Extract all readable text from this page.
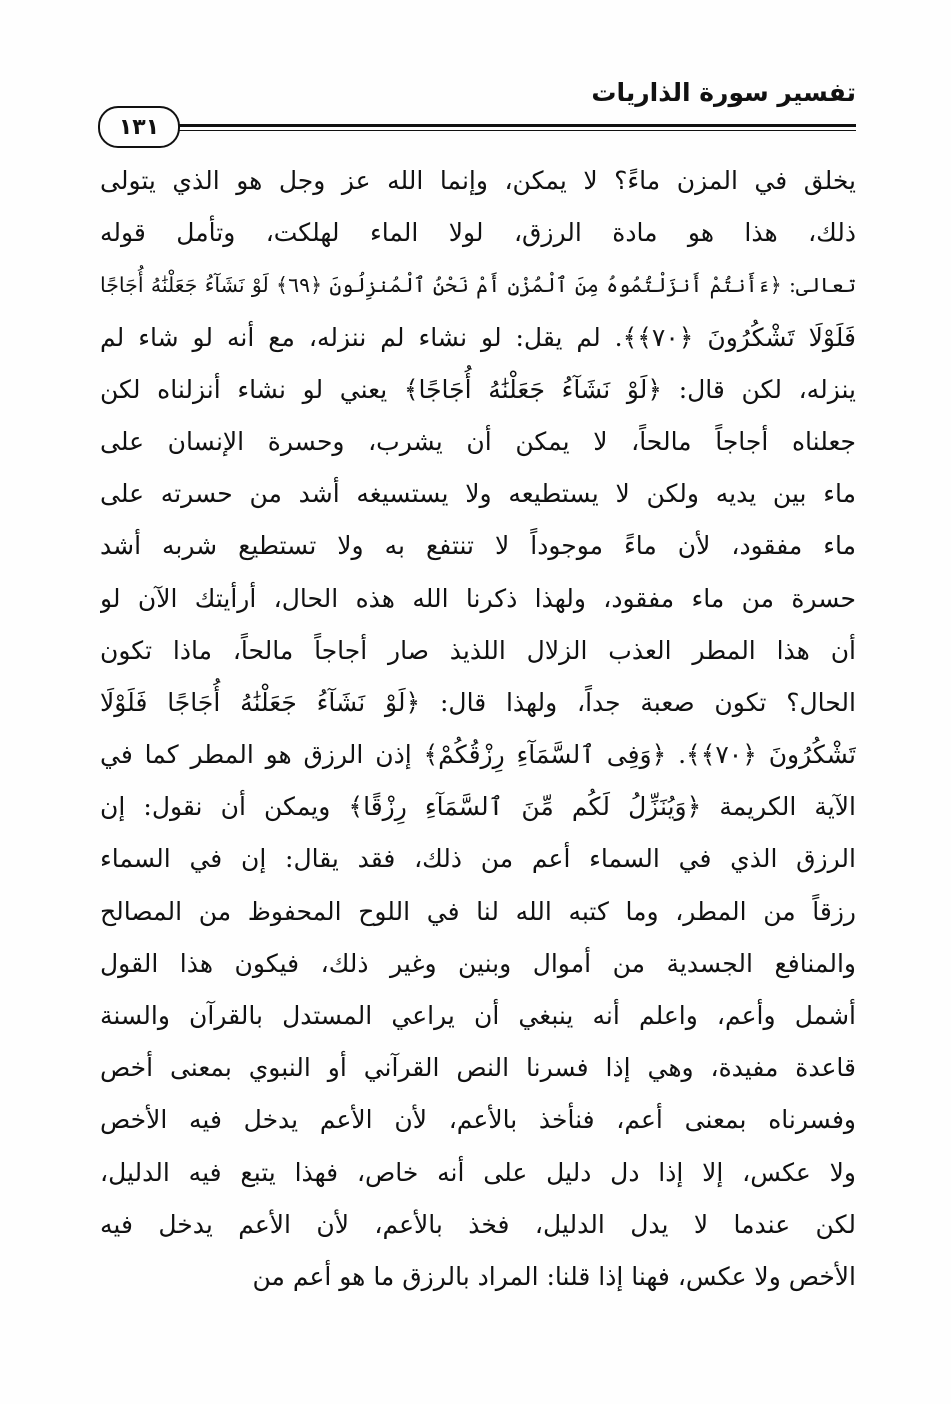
تفسير سورة الذاريات
١٣١
يخلق في المزن ماءً؟ لا يمكن، وإنما الله عز وجل هو الذي يتولى
ذلك، هذا هو مادة الرزق، لولا الماء لهلكت، وتأمل قوله
تعالى: ﴿ءَأَنتُمْ أَنزَلْتُمُوهُ مِنَ ٱلْمُزْنِ أَمْ نَحْنُ ٱلْمُنزِلُونَ ﴿٦٩﴾ لَوْ نَشَآءُ جَعَلْنَٰهُ أُجَاجًا
فَلَوْلَا تَشْكُرُونَ ﴿٧٠﴾﴾. لم يقل: لو نشاء لم ننزله، مع أنه لو شاء لم
ينزله، لكن قال: ﴿لَوْ نَشَآءُ جَعَلْنَٰهُ أُجَاجًا﴾ يعني لو نشاء أنزلناه لكن
جعلناه أجاجاً مالحاً، لا يمكن أن يشرب، وحسرة الإنسان على
ماء بين يديه ولكن لا يستطيعه ولا يستسيغه أشد من حسرته على
ماء مفقود، لأن ماءً موجوداً لا تنتفع به ولا تستطيع شربه أشد
حسرة من ماء مفقود، ولهذا ذكرنا الله هذه الحال، أرأيتك الآن لو
أن هذا المطر العذب الزلال اللذيذ صار أجاجاً مالحاً، ماذا تكون
الحال؟ تكون صعبة جداً، ولهذا قال: ﴿لَوْ نَشَآءُ جَعَلْنَٰهُ أُجَاجًا فَلَوْلَا
تَشْكُرُونَ ﴿٧٠﴾﴾. ﴿وَفِى ٱلسَّمَآءِ رِزْقُكُمْ﴾ إذن الرزق هو المطر كما في
الآية الكريمة ﴿وَيُنَزِّلُ لَكُم مِّنَ ٱلسَّمَآءِ رِزْقًا﴾ ويمكن أن نقول: إن
الرزق الذي في السماء أعم من ذلك، فقد يقال: إن في السماء
رزقاً من المطر، وما كتبه الله لنا في اللوح المحفوظ من المصالح
والمنافع الجسدية من أموال وبنين وغير ذلك، فيكون هذا القول
أشمل وأعم، واعلم أنه ينبغي أن يراعي المستدل بالقرآن والسنة
قاعدة مفيدة، وهي إذا فسرنا النص القرآني أو النبوي بمعنى أخص
وفسرناه بمعنى أعم، فنأخذ بالأعم، لأن الأعم يدخل فيه الأخص
ولا عكس، إلا إذا دل دليل على أنه خاص، فهذا يتبع فيه الدليل،
لكن عندما لا يدل الدليل، فخذ بالأعم، لأن الأعم يدخل فيه
الأخص ولا عكس، فهنا إذا قلنا: المراد بالرزق ما هو أعم من
